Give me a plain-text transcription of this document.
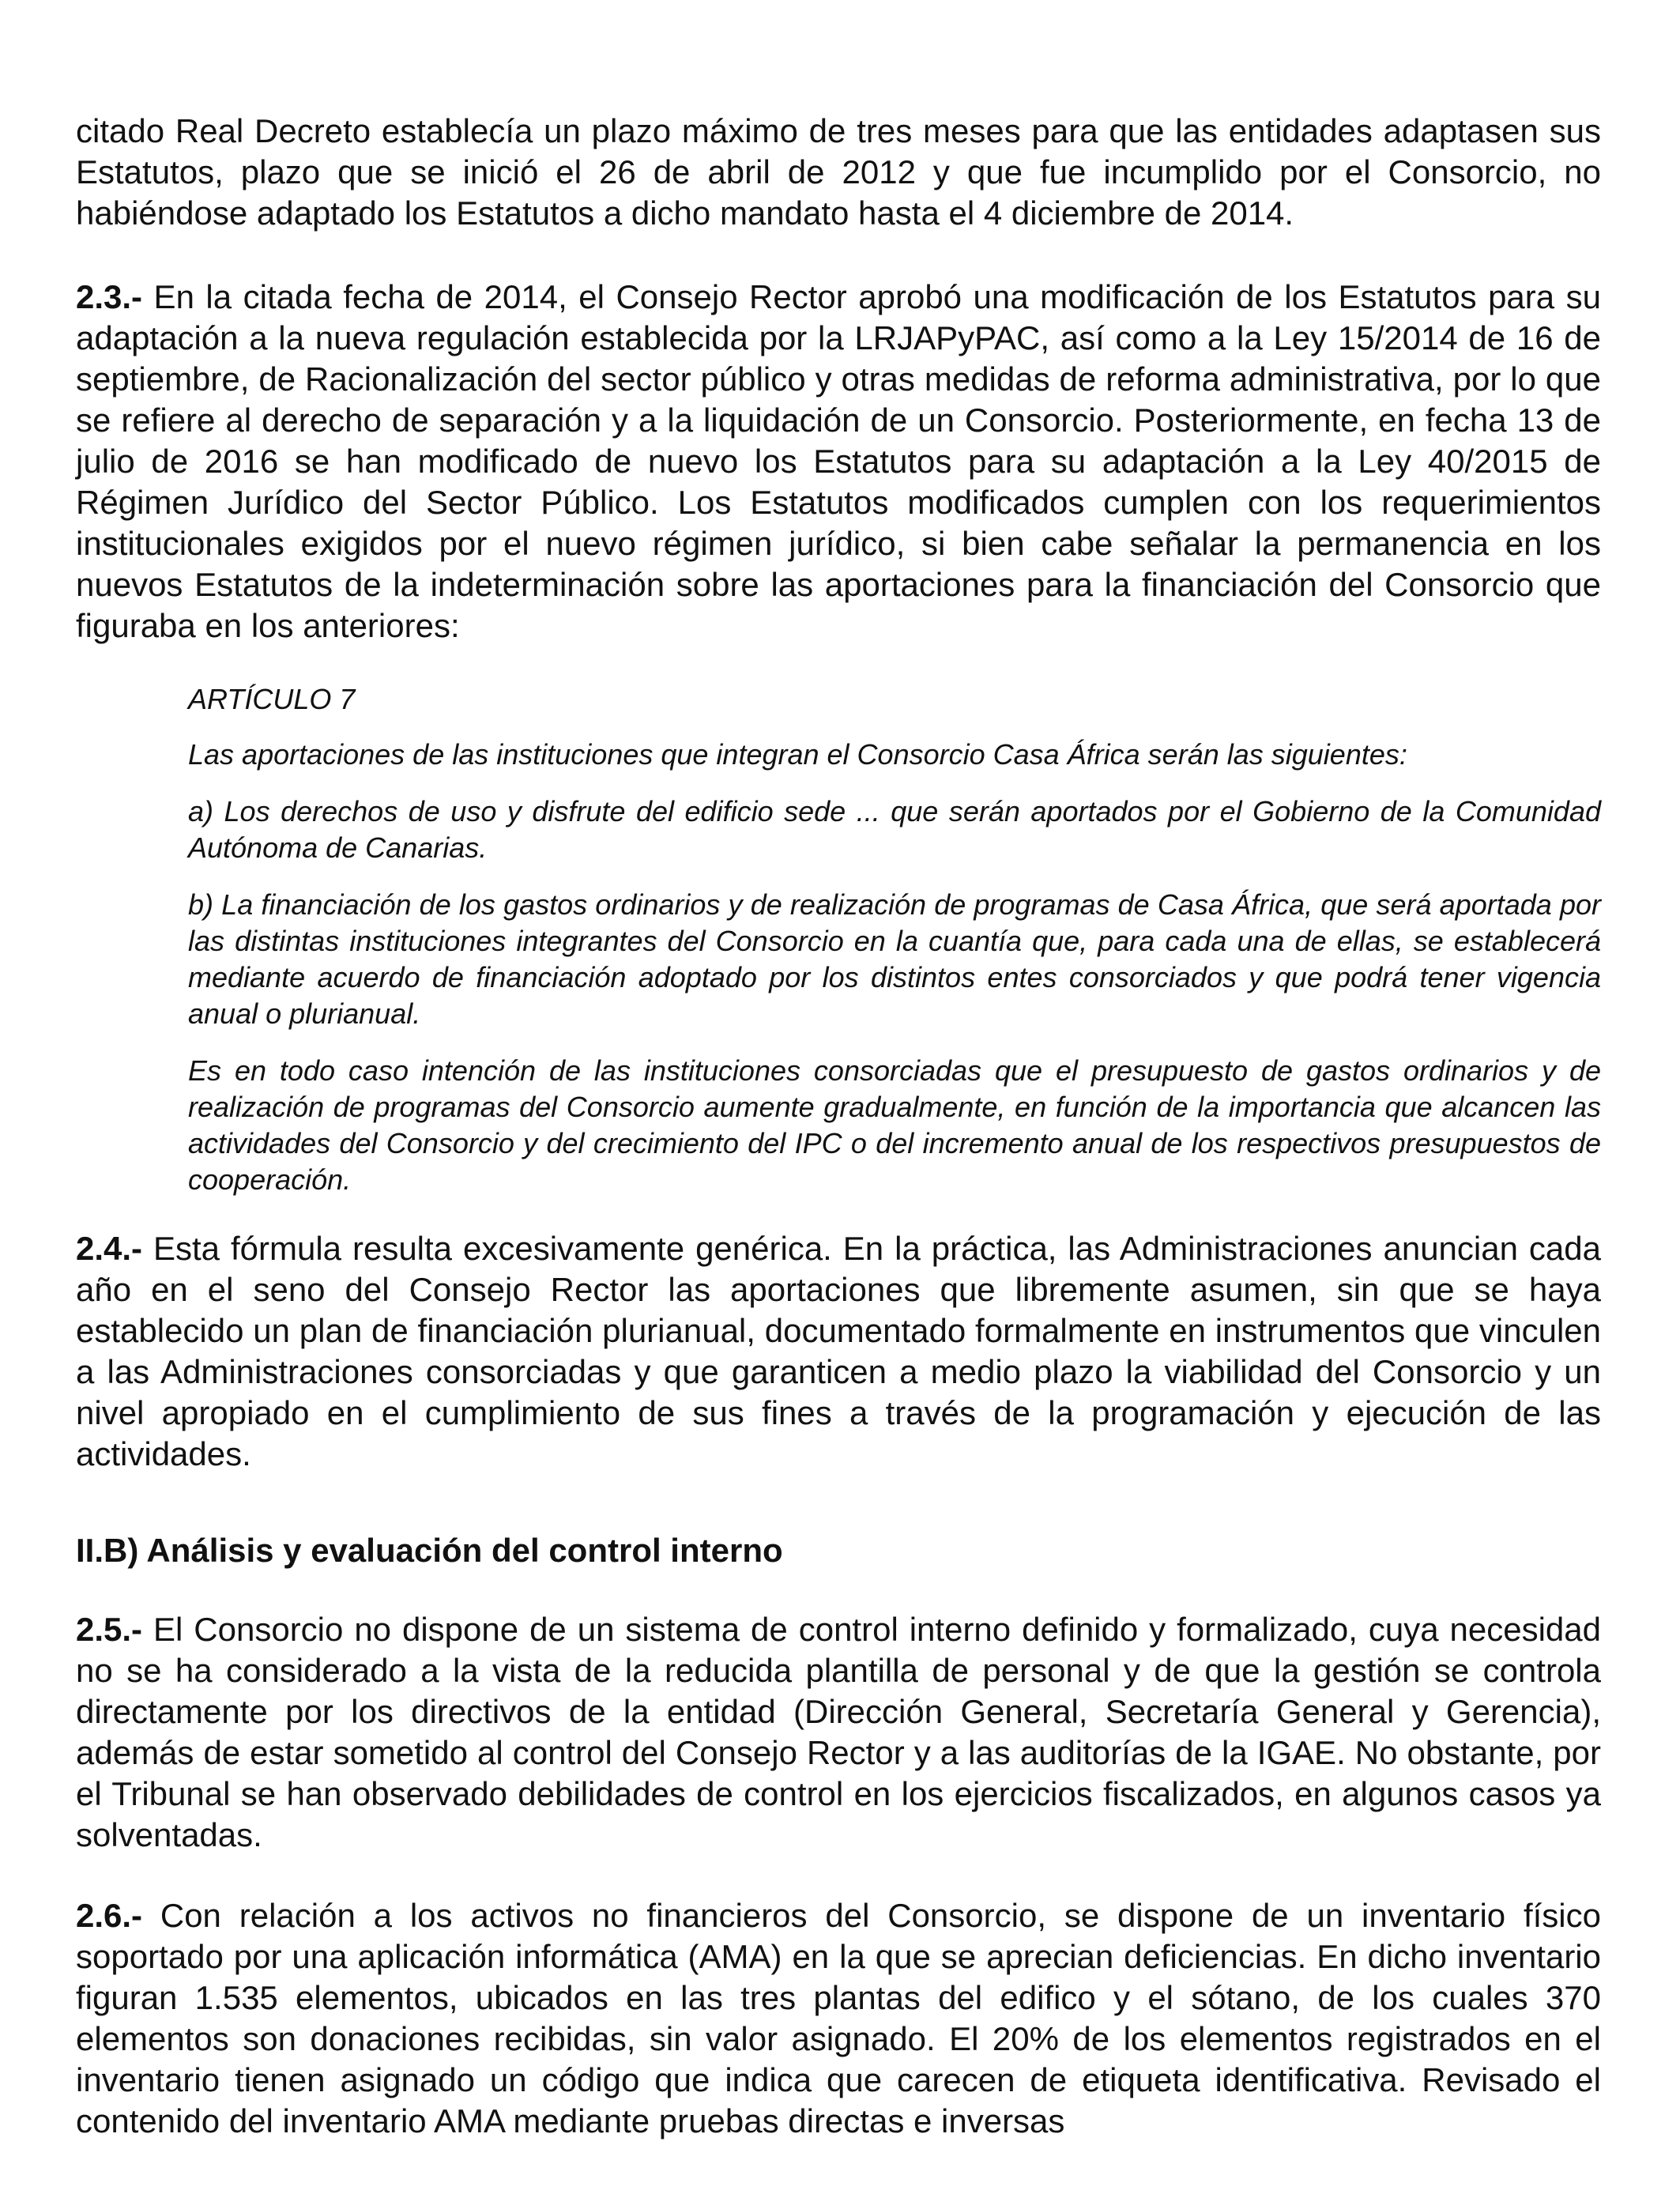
citado Real Decreto establecía un plazo máximo de tres meses para que las entidades adaptasen sus Estatutos, plazo que se inició el 26 de abril de 2012 y que fue incumplido por el Consorcio, no habiéndose adaptado los Estatutos a dicho mandato hasta el 4 diciembre de 2014.

2.3.- En la citada fecha de 2014, el Consejo Rector aprobó una modificación de los Estatutos para su adaptación a la nueva regulación establecida por la LRJAPyPAC, así como a la Ley 15/2014 de 16 de septiembre, de Racionalización del sector público y otras medidas de reforma administrativa, por lo que se refiere al derecho de separación y a la liquidación de un Consorcio. Posteriormente, en fecha 13 de julio de 2016 se han modificado de nuevo los Estatutos para su adaptación a la Ley 40/2015 de Régimen Jurídico del Sector Público. Los Estatutos modificados cumplen con los requerimientos institucionales exigidos por el nuevo régimen jurídico, si bien cabe señalar la permanencia en los nuevos Estatutos de la indeterminación sobre las aportaciones para la financiación del Consorcio que figuraba en los anteriores:

ARTÍCULO 7

Las aportaciones de las instituciones que integran el Consorcio Casa África serán las siguientes:

a) Los derechos de uso y disfrute del edificio sede ... que serán aportados por el Gobierno de la Comunidad Autónoma de Canarias.

b) La financiación de los gastos ordinarios y de realización de programas de Casa África, que será aportada por las distintas instituciones integrantes del Consorcio en la cuantía que, para cada una de ellas, se establecerá mediante acuerdo de financiación adoptado por los distintos entes consorciados y que podrá tener vigencia anual o plurianual.

Es en todo caso intención de las instituciones consorciadas que el presupuesto de gastos ordinarios y de realización de programas del Consorcio aumente gradualmente, en función de la importancia que alcancen las actividades del Consorcio y del crecimiento del IPC o del incremento anual de los respectivos presupuestos de cooperación.

2.4.- Esta fórmula resulta excesivamente genérica. En la práctica, las Administraciones anuncian cada año en el seno del Consejo Rector las aportaciones que libremente asumen, sin que se haya establecido un plan de financiación plurianual, documentado formalmente en instrumentos que vinculen a las Administraciones consorciadas y que garanticen a medio plazo la viabilidad del Consorcio y un nivel apropiado en el cumplimiento de sus fines a través de la programación y ejecución de las actividades.

II.B) Análisis y evaluación del control interno

2.5.- El Consorcio no dispone de un sistema de control interno definido y formalizado, cuya necesidad no se ha considerado a la vista de la reducida plantilla de personal y de que la gestión se controla directamente por los directivos de la entidad (Dirección General, Secretaría General y Gerencia), además de estar sometido al control del Consejo Rector y a las auditorías de la IGAE. No obstante, por el Tribunal se han observado debilidades de control en los ejercicios fiscalizados, en algunos casos ya solventadas.

2.6.- Con relación a los activos no financieros del Consorcio, se dispone de un inventario físico soportado por una aplicación informática (AMA) en la que se aprecian deficiencias. En dicho inventario figuran 1.535 elementos, ubicados en las tres plantas del edifico y el sótano, de los cuales 370 elementos son donaciones recibidas, sin valor asignado. El 20% de los elementos registrados en el inventario tienen asignado un código que indica que carecen de etiqueta identificativa. Revisado el contenido del inventario AMA mediante pruebas directas e inversas
